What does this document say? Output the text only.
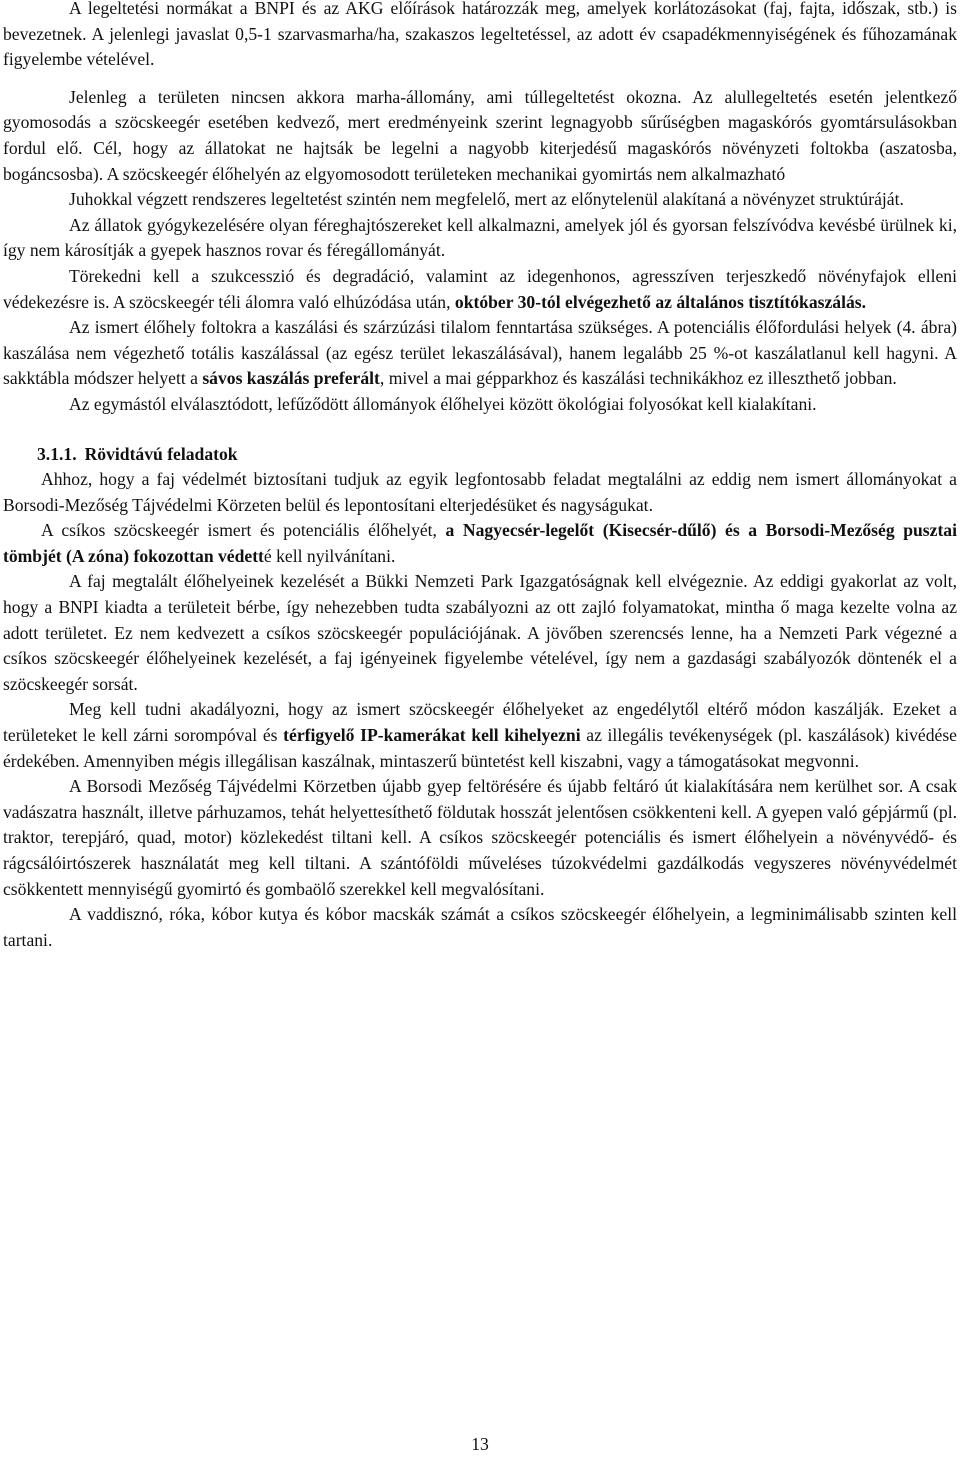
A legeltetési normákat a BNPI és az AKG előírások határozzák meg, amelyek korlátozásokat (faj, fajta, időszak, stb.) is bevezetnek. A jelenlegi javaslat 0,5-1 szarvasmarha/ha, szakaszos legeltetéssel, az adott év csapadékmennyiségének és fűhozamának figyelembe vételével.

Jelenleg a területen nincsen akkora marha-állomány, ami túllegeltetést okozna. Az alullegeltetés esetén jelentkező gyomosodás a szöcskeegér esetében kedvező, mert eredményeink szerint legnagyobb sűrűségben magaskórós gyomtársulásokban fordul elő. Cél, hogy az állatokat ne hajtsák be legelni a nagyobb kiterjedésű magaskórós növényzeti foltokba (aszatosba, bogáncsosba). A szöcskeegér élőhelyén az elgyomosodott területeken mechanikai gyomirtás nem alkalmazható

Juhokkal végzett rendszeres legeltetést szintén nem megfelelő, mert az előnytelenül alakítaná a növényzet struktúráját.

Az állatok gyógykezelésére olyan féreghajtószereket kell alkalmazni, amelyek jól és gyorsan felszívódva kevésbé ürülnek ki, így nem károsítják a gyepek hasznos rovar és féregállományát.

Törekedni kell a szukcesszió és degradáció, valamint az idegenhonos, agresszíven terjeszkedő növényfajok elleni védekezésre is. A szöcskeegér téli álomra való elhúzódása után, október 30-tól elvégezhető az általános tisztítókaszálás.

Az ismert élőhely foltokra a kaszálási és szárzúzási tilalom fenntartása szükséges. A potenciális élőfordulási helyek (4. ábra) kaszálása nem végezhető totális kaszálással (az egész terület lekaszálásával), hanem legalább 25 %-ot kaszálatlanul kell hagyni. A sakktábla módszer helyett a sávos kaszálás preferált, mivel a mai gépparkhoz és kaszálási technikákhoz ez illeszthető jobban.

Az egymástól elválasztódott, lefűződött állományok élőhelyei között ökológiai folyosókat kell kialakítani.

3.1.1. Rövidtávú feladatok

Ahhoz, hogy a faj védelmét biztosítani tudjuk az egyik legfontosabb feladat megtalálni az eddig nem ismert állományokat a Borsodi-Mezőség Tájvédelmi Körzeten belül és lepontosítani elterjedésüket és nagyságukat.

A csíkos szöcskeegér ismert és potenciális élőhelyét, a Nagyecsér-legelőt (Kisecsér-dűlő) és a Borsodi-Mezőség pusztai tömbjét (A zóna) fokozottan védetté kell nyilvánítani.

A faj megtalált élőhelyeinek kezelését a Bükki Nemzeti Park Igazgatóságnak kell elvégeznie. Az eddigi gyakorlat az volt, hogy a BNPI kiadta a területeit bérbe, így nehezebben tudta szabályozni az ott zajló folyamatokat, mintha ő maga kezelte volna az adott területet. Ez nem kedvezett a csíkos szöcskeegér populációjának. A jövőben szerencsés lenne, ha a Nemzeti Park végezné a csíkos szöcskeegér élőhelyeinek kezelését, a faj igényeinek figyelembe vételével, így nem a gazdasági szabályozók döntenék el a szöcskeegér sorsát.

Meg kell tudni akadályozni, hogy az ismert szöcskeegér élőhelyeket az engedélytől eltérő módon kaszálják. Ezeket a területeket le kell zárni sorompóval és térfigyelő IP-kamerákat kell kihelyezni az illegális tevékenységek (pl. kaszálások) kivédése érdekében. Amennyiben mégis illegálisan kaszálnak, mintaszerű büntetést kell kiszabni, vagy a támogatásokat megvonni.

A Borsodi Mezőség Tájvédelmi Körzetben újabb gyep feltörésére és újabb feltáró út kialakítására nem kerülhet sor. A csak vadászatra használt, illetve párhuzamos, tehát helyettesíthető földutak hosszát jelentősen csökkenteni kell. A gyepen való gépjármű (pl. traktor, terepjáró, quad, motor) közlekedést tiltani kell. A csíkos szöcskeegér potenciális és ismert élőhelyein a növényvédő- és rágcsálóirtószerek használatát meg kell tiltani. A szántóföldi műveléses túzokvédelmi gazdálkodás vegyszeres növényvédelmét csökkentett mennyiségű gyomirtó és gombaölő szerekkel kell megvalósítani.

A vaddisznó, róka, kóbor kutya és kóbor macskák számát a csíkos szöcskeegér élőhelyein, a legminimálisabb szinten kell tartani.

13
